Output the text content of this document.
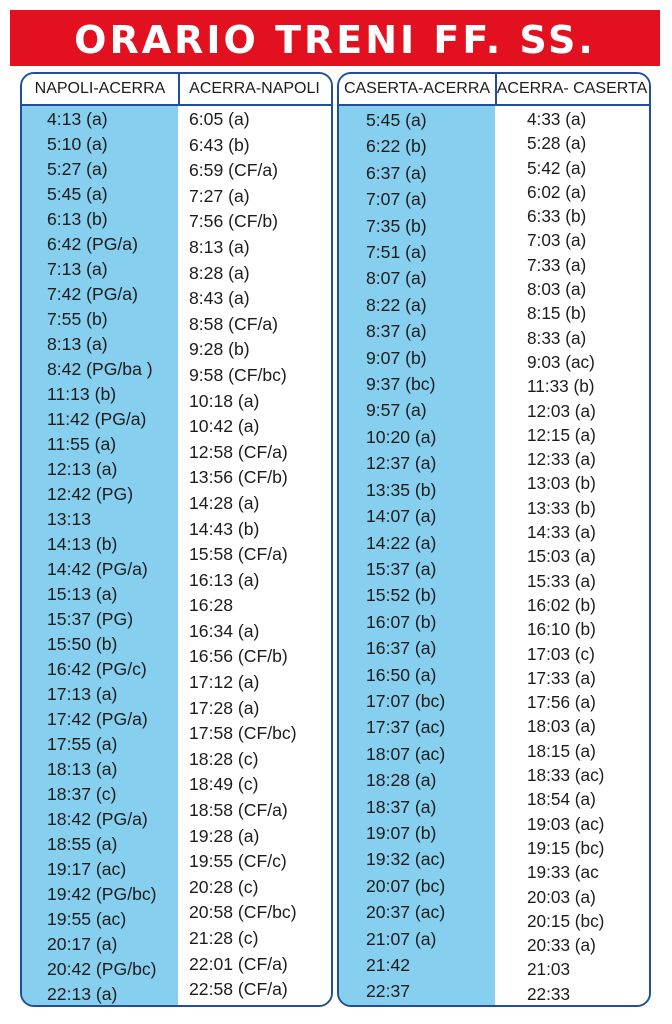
ORARIO TRENI FF. SS.
NAPOLI-ACERRA
4:13 (a)
5:10 (a)
5:27 (a)
5:45 (a)
6:13 (b)
6:42 (PG/a)
7:13 (a)
7:42 (PG/a)
7:55 (b)
8:13 (a)
8:42 (PG/ba )
11:13 (b)
11:42 (PG/a)
11:55 (a)
12:13 (a)
12:42 (PG)
13:13
14:13 (b)
14:42 (PG/a)
15:13 (a)
15:37 (PG)
15:50 (b)
16:42 (PG/c)
17:13 (a)
17:42 (PG/a)
17:55 (a)
18:13 (a)
18:37 (c)
18:42 (PG/a)
18:55 (a)
19:17 (ac)
19:42 (PG/bc)
19:55 (ac)
20:17 (a)
20:42 (PG/bc)
22:13 (a)
ACERRA-NAPOLI
6:05 (a)
6:43 (b)
6:59 (CF/a)
7:27 (a)
7:56 (CF/b)
8:13 (a)
8:28 (a)
8:43 (a)
8:58 (CF/a)
9:28 (b)
9:58 (CF/bc)
10:18 (a)
10:42 (a)
12:58 (CF/a)
13:56 (CF/b)
14:28 (a)
14:43 (b)
15:58 (CF/a)
16:13 (a)
16:28
16:34 (a)
16:56 (CF/b)
17:12 (a)
17:28 (a)
17:58 (CF/bc)
18:28 (c)
18:49 (c)
18:58 (CF/a)
19:28 (a)
19:55 (CF/c)
20:28 (c)
20:58 (CF/bc)
21:28 (c)
22:01 (CF/a)
22:58 (CF/a)
CASERTA-ACERRA
5:45 (a)
6:22 (b)
6:37 (a)
7:07 (a)
7:35 (b)
7:51 (a)
8:07 (a)
8:22 (a)
8:37 (a)
9:07 (b)
9:37 (bc)
9:57 (a)
10:20 (a)
12:37 (a)
13:35 (b)
14:07 (a)
14:22 (a)
15:37 (a)
15:52 (b)
16:07 (b)
16:37 (a)
16:50 (a)
17:07 (bc)
17:37 (ac)
18:07 (ac)
18:28 (a)
18:37 (a)
19:07 (b)
19:32 (ac)
20:07 (bc)
20:37 (ac)
21:07 (a)
21:42
22:37
ACERRA- CASERTA
4:33 (a)
5:28 (a)
5:42 (a)
6:02 (a)
6:33 (b)
7:03 (a)
7:33 (a)
8:03 (a)
8:15 (b)
8:33 (a)
9:03 (ac)
11:33 (b)
12:03 (a)
12:15 (a)
12:33 (a)
13:03 (b)
13:33 (b)
14:33 (a)
15:03 (a)
15:33 (a)
16:02 (b)
16:10 (b)
17:03 (c)
17:33 (a)
17:56 (a)
18:03 (a)
18:15 (a)
18:33 (ac)
18:54 (a)
19:03 (ac)
19:15 (bc)
19:33 (ac
20:03 (a)
20:15 (bc)
20:33 (a)
21:03
22:33
